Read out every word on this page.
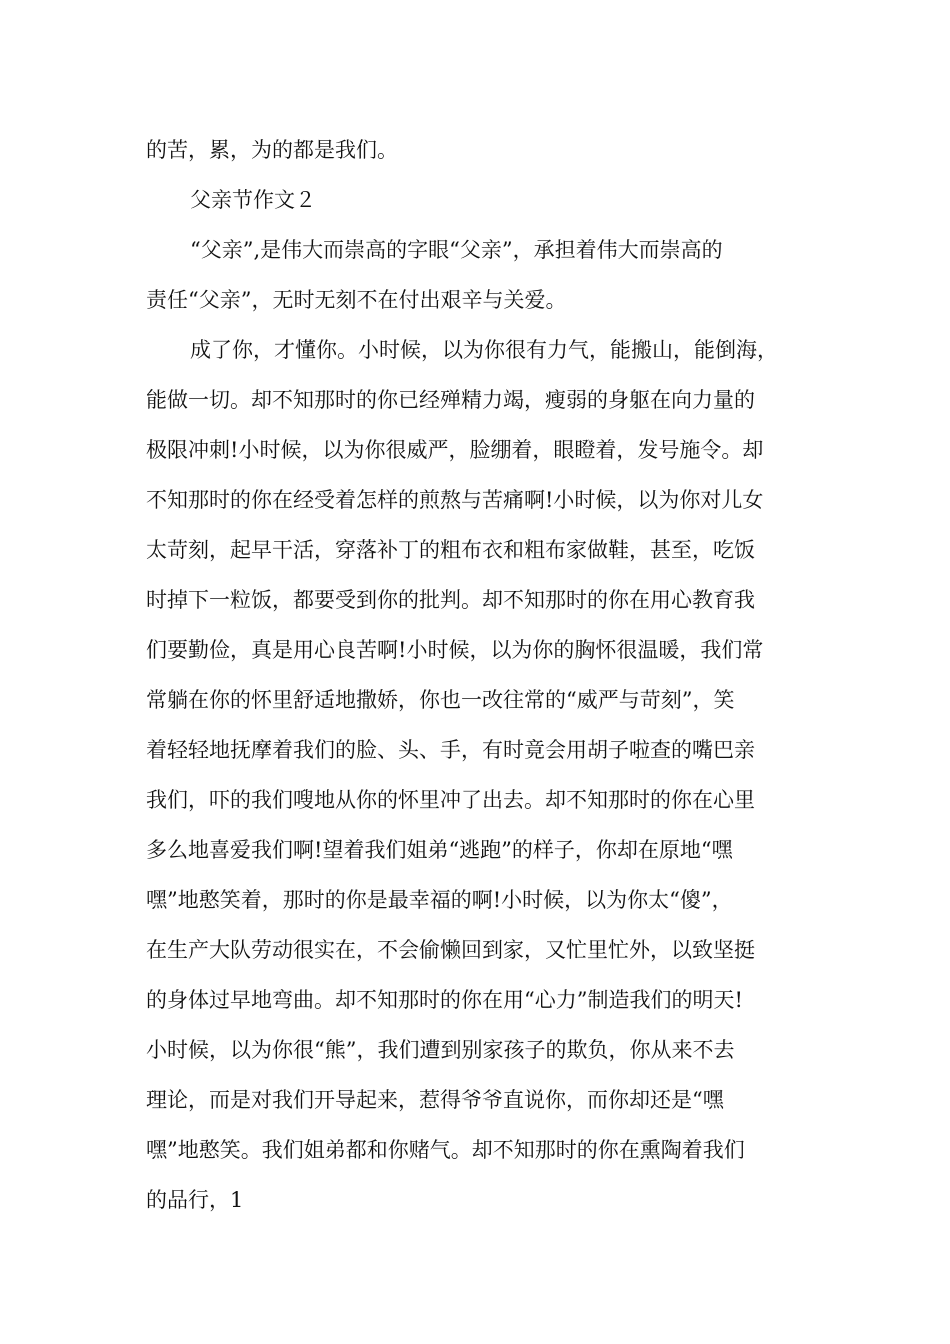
的苦，累，为的都是我们。

父亲节作文２

“父亲”,是伟大而崇高的字眼“父亲”，承担着伟大而崇高的

责任“父亲”，无时无刻不在付出艰辛与关爱。

成了你，才懂你。小时候，以为你很有力气，能搬山，能倒海，

能做一切。却不知那时的你已经殚精力竭，瘦弱的身躯在向力量的

极限冲刺!小时候，以为你很威严，脸绷着，眼瞪着，发号施令。却

不知那时的你在经受着怎样的煎熬与苦痛啊!小时候，以为你对儿女

太苛刻，起早干活，穿落补丁的粗布衣和粗布家做鞋，甚至，吃饭

时掉下一粒饭，都要受到你的批判。却不知那时的你在用心教育我

们要勤俭，真是用心良苦啊!小时候，以为你的胸怀很温暖，我们常

常躺在你的怀里舒适地撒娇，你也一改往常的“威严与苛刻”，笑

着轻轻地抚摩着我们的脸、头、手，有时竟会用胡子啦查的嘴巴亲

我们，吓的我们嗖地从你的怀里冲了出去。却不知那时的你在心里

多么地喜爱我们啊!望着我们姐弟“逃跑”的样子，你却在原地“嘿

嘿”地憨笑着，那时的你是最幸福的啊!小时候，以为你太“傻”，

在生产大队劳动很实在，不会偷懒回到家，又忙里忙外，以致坚挺

的身体过早地弯曲。却不知那时的你在用“心力”制造我们的明天!

小时候，以为你很“熊”，我们遭到别家孩子的欺负，你从来不去

理论，而是对我们开导起来，惹得爷爷直说你，而你却还是“嘿

嘿”地憨笑。我们姐弟都和你赌气。却不知那时的你在熏陶着我们

的品行，1
